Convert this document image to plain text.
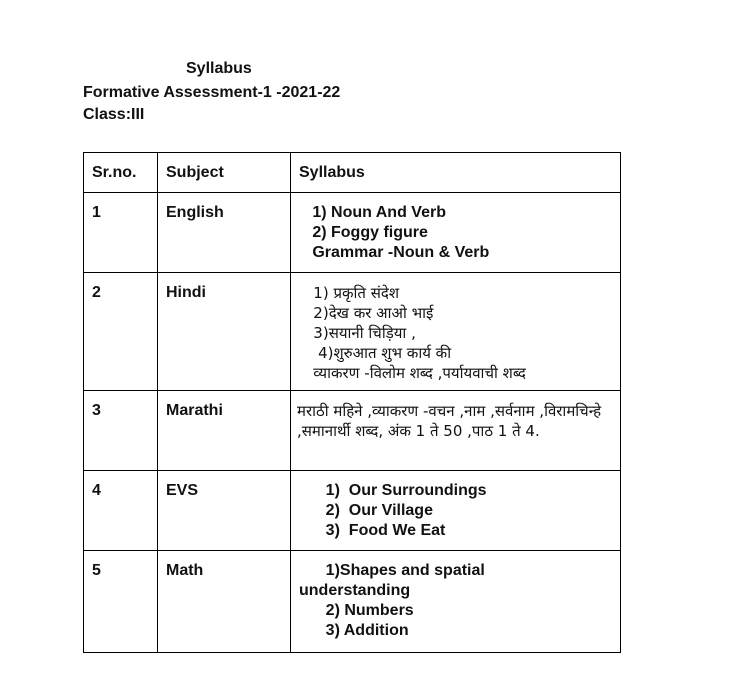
Syllabus
Formative Assessment-1 -2021-22
Class:III
Sr.no.	Subject	Syllabus
1	English	1) Noun And Verb
2) Foggy figure
Grammar -Noun & Verb

2	Hindi	1) प्रकृति संदेश
2)देख कर आओ भाई
3)सयानी चिड़िया ,
4)शुरुआत शुभ कार्य की
व्याकरण -विलोम शब्द ,पर्यायवाची शब्द

3	Marathi	मराठी महिने ,व्याकरण -वचन ,नाम ,सर्वनाम ,विरामचिन्हे ,समानार्थी शब्द, अंक 1 ते 50 ,पाठ 1 ते 4.

4	EVS	1)  Our Surroundings
2)  Our Village
3)  Food We Eat

5	Math	1)Shapes and spatial
understanding
2) Numbers
3) Addition
